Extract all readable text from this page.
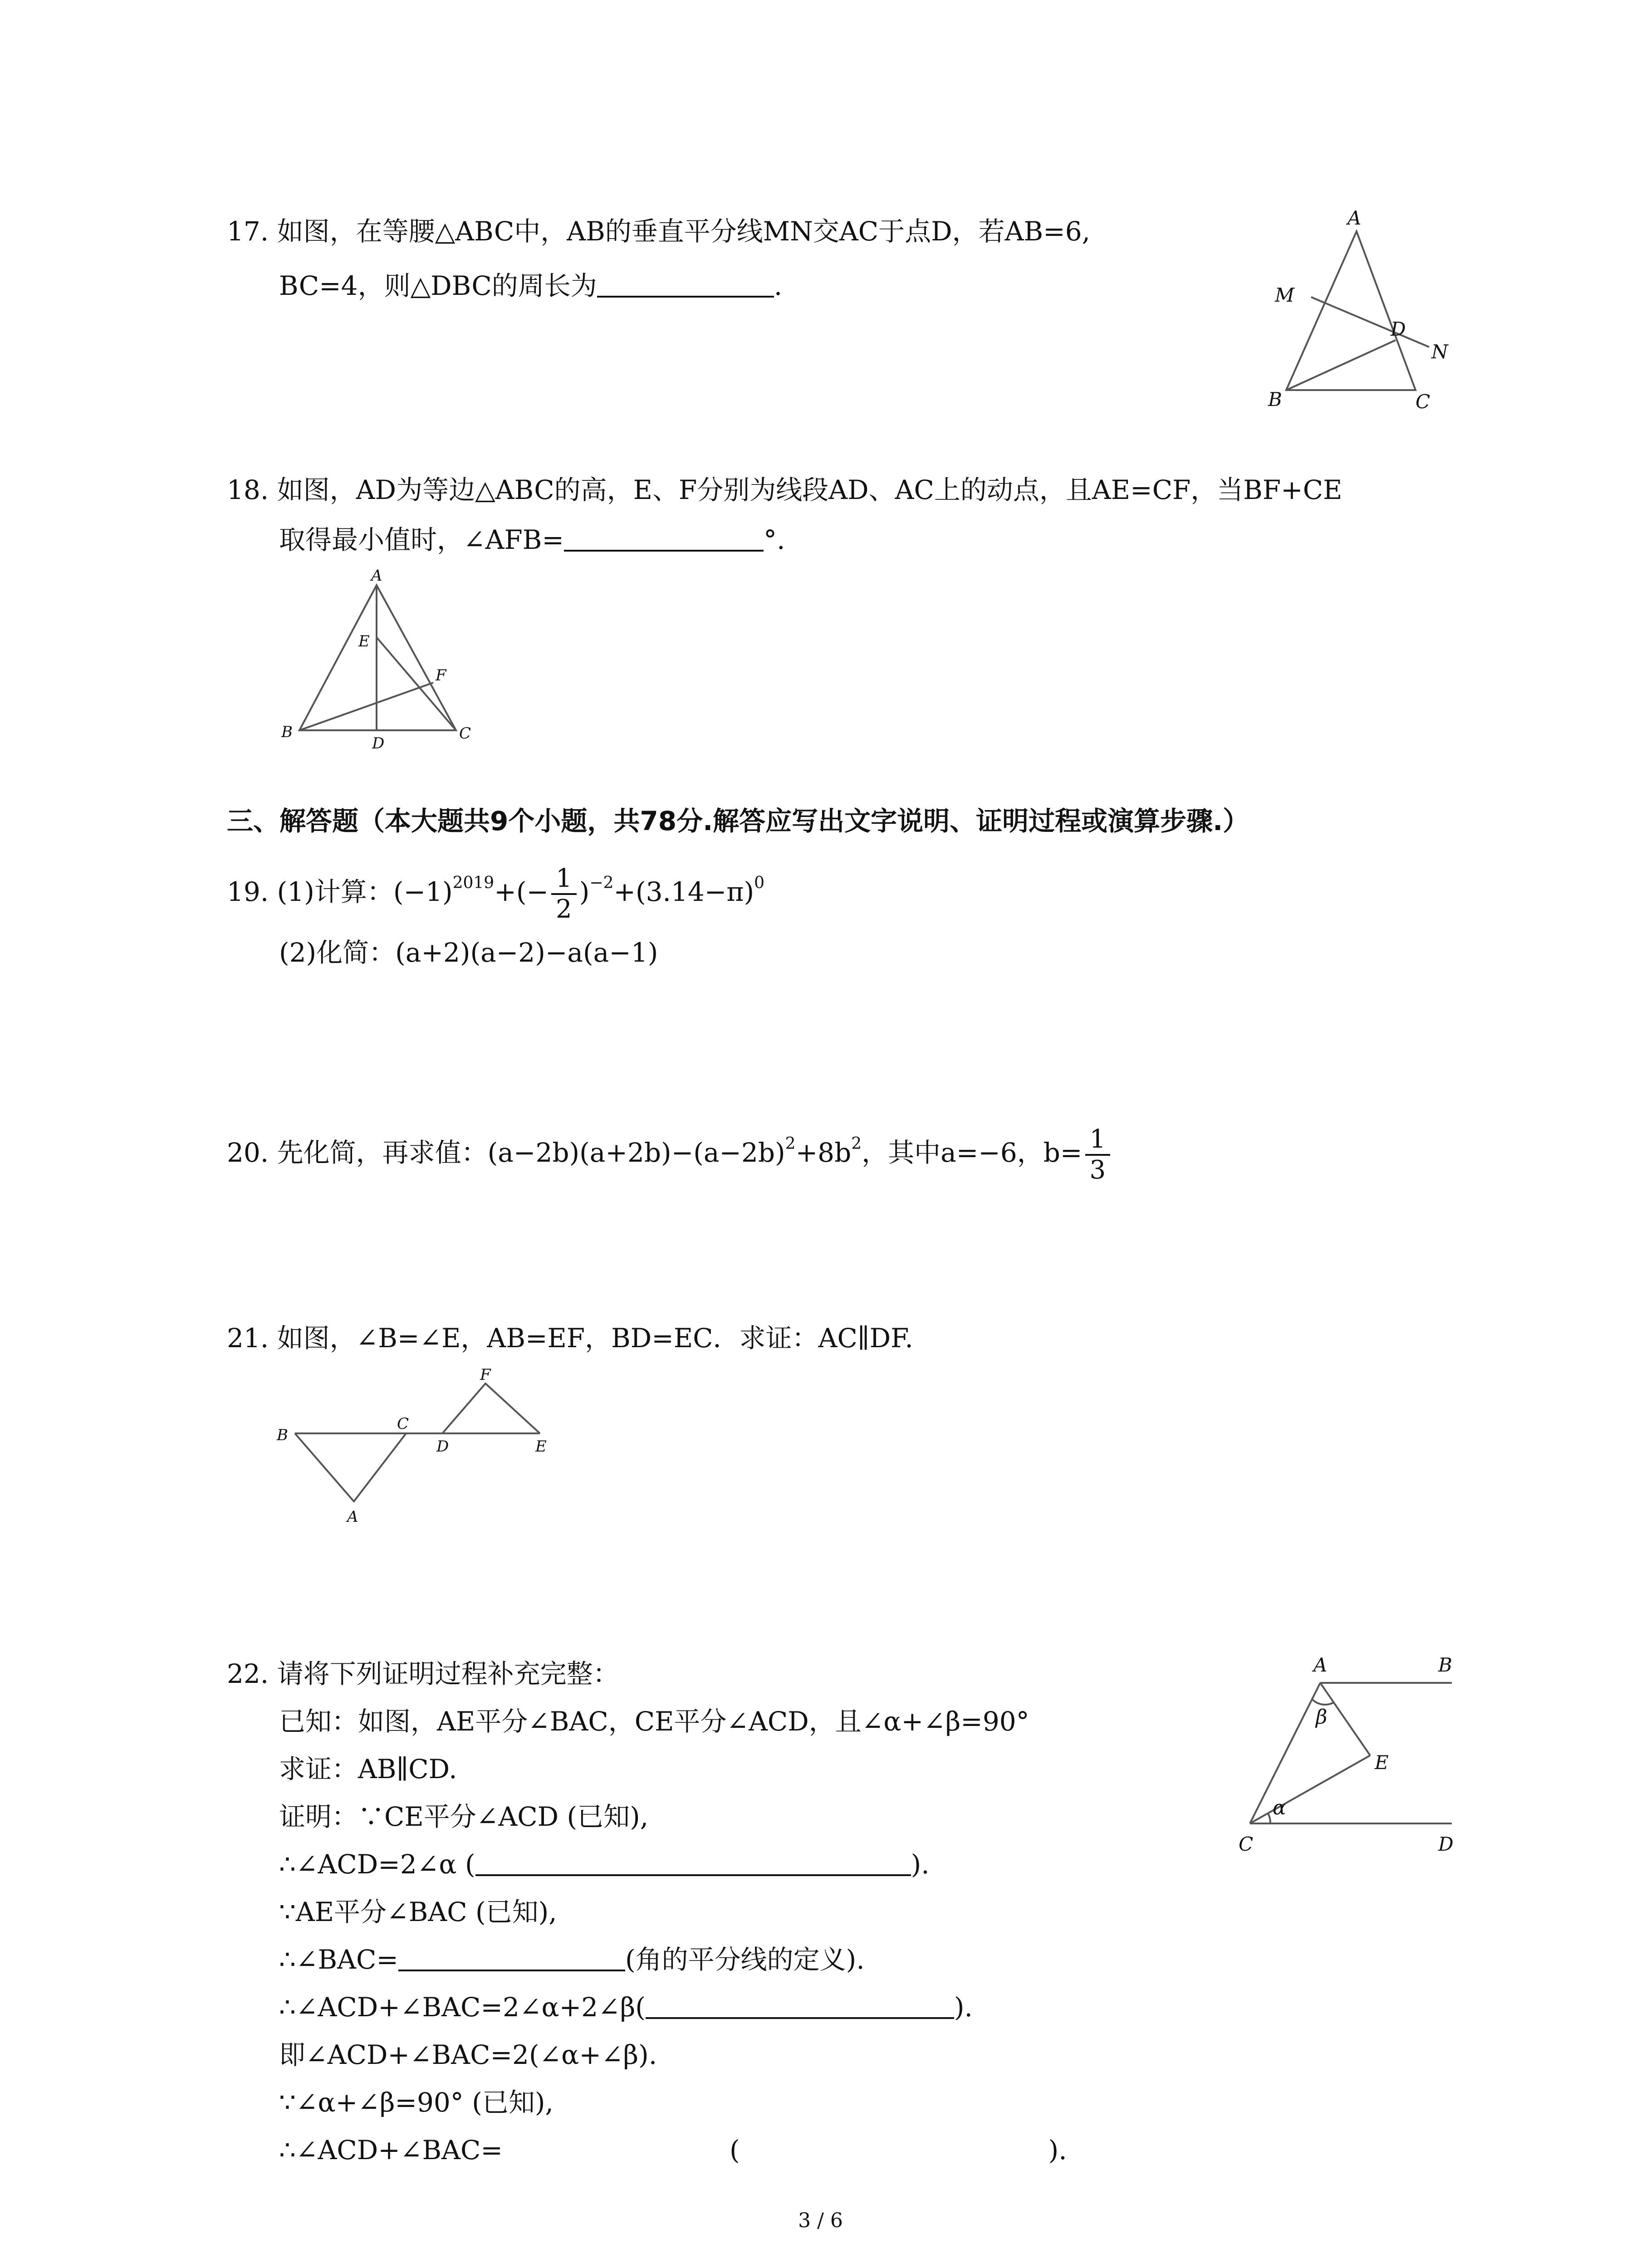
17. 如图，在等腰△ABC中，AB的垂直平分线MN交AC于点D，若AB=6,
BC=4，则△DBC的周长为	.
A
B	C
D
M
N
18. 如图，AD为等边△ABC的高，E、F分别为线段AD、AC上的动点，且AE=CF，当BF+CE
取得最小值时，∠AFB=	°.
A
B	C
D
E
F
三、解答题（本大题共9个小题，共78分.解答应写出文字说明、证明过程或演算步骤.）
19. (1)计算：$(-1)^{2019}+(- \frac{1}{2} )^{-2}+(3.14-\pi)^0$
(2)化简：(a+2)(a−2)−a(a−1)
20. 先化简，再求值：$(a-2b)(a+2b)-(a-2b)^2+8b^2$，其中a=−6，$b= \frac{1}{3}$
21. 如图，∠B=∠E，AB=EF，BD=EC．求证：AC∥DF.
B
C
D	E
F
A
22. 请将下列证明过程补充完整：
已知：如图，AE平分∠BAC，CE平分∠ACD，且∠α+∠β=90°
求证：AB∥CD.
证明：∵CE平分∠ACD (已知),
∴∠ACD=2∠α (	).
∵AE平分∠BAC (已知),
∴∠BAC=	(角的平分线的定义).
∴∠ACD+∠BAC=2∠α+2∠β(	).
即∠ACD+∠BAC=2(∠α+∠β).
∵∠α+∠β=90° (已知),
∴∠ACD+∠BAC=	(	).
A	B
C	D
E
α
β
3 / 6
